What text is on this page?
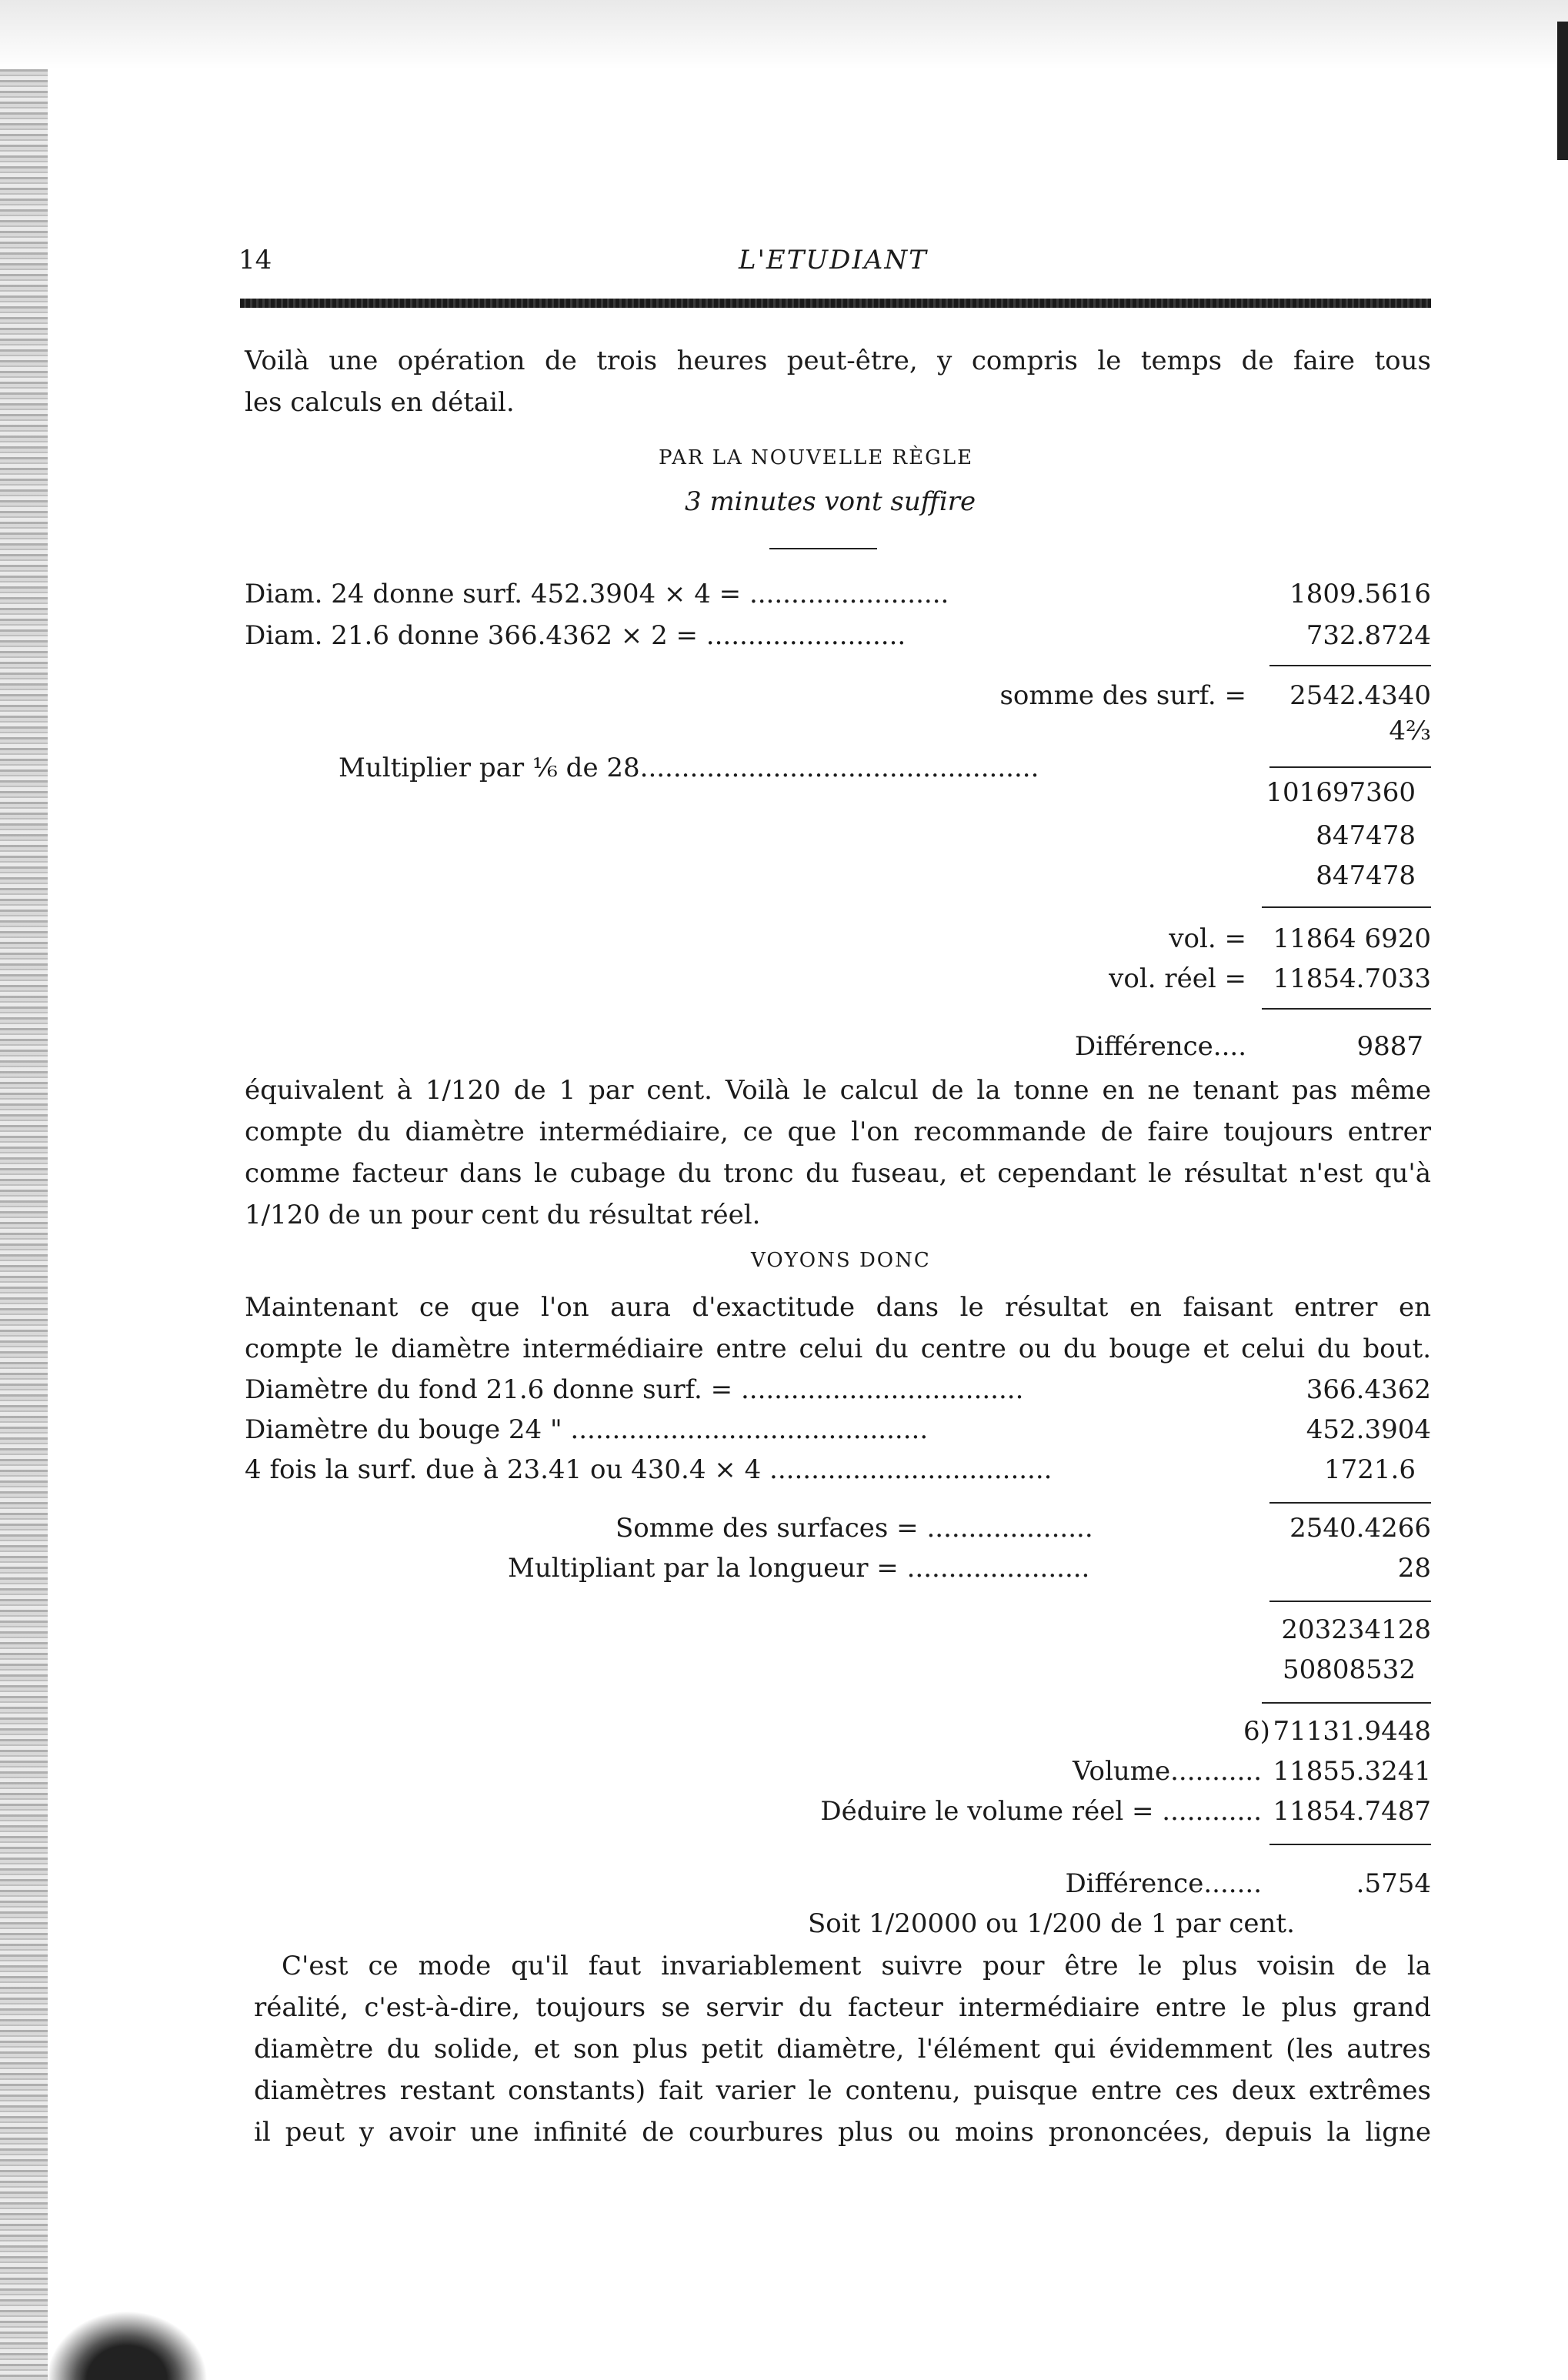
14	L'ETUDIANT
Voilà une opération de trois heures peut-être, y compris le temps de faire tous
les calculs en détail.
PAR LA NOUVELLE RÈGLE
3 minutes vont suffire
Diam. 24 donne surf. 452.3904 × 4 = ........................	1809.5616
Diam. 21.6 donne 366.4362 × 2 = ........................	732.8724
somme des surf. =	2542.4340
4⅔
Multiplier par ⅙ de 28................................................
101697360
847478
847478
vol. =	11864 6920
vol. réel =	11854.7033
Différence....	9887
équivalent à 1/120 de 1 par cent. Voilà le calcul de la tonne en ne tenant pas même
compte du diamètre intermédiaire, ce que l'on recommande de faire toujours entrer
comme facteur dans le cubage du tronc du fuseau, et cependant le résultat n'est qu'à
1/120 de un pour cent du résultat réel.
VOYONS DONC
Maintenant ce que l'on aura d'exactitude dans le résultat en faisant entrer en
compte le diamètre intermédiaire entre celui du centre ou du bouge et celui du bout.
Diamètre du fond 21.6 donne surf. = ..................................	366.4362
Diamètre du bouge 24 " ...........................................	452.3904
4 fois la surf. due à 23.41 ou 430.4 × 4 ..................................	1721.6
Somme des surfaces = ....................	2540.4266
Multipliant par la longueur = ......................	28
203234128
50808532
6) 71131.9448
Volume........... 11855.3241
Déduire le volume réel = ............ 11854.7487
Différence.......	.5754
Soit 1/20000 ou 1/200 de 1 par cent.
C'est ce mode qu'il faut invariablement suivre pour être le plus voisin de la
réalité, c'est-à-dire, toujours se servir du facteur intermédiaire entre le plus grand
diamètre du solide, et son plus petit diamètre, l'élément qui évidemment (les autres
diamètres restant constants) fait varier le contenu, puisque entre ces deux extrêmes
il peut y avoir une infinité de courbures plus ou moins prononcées, depuis la ligne
